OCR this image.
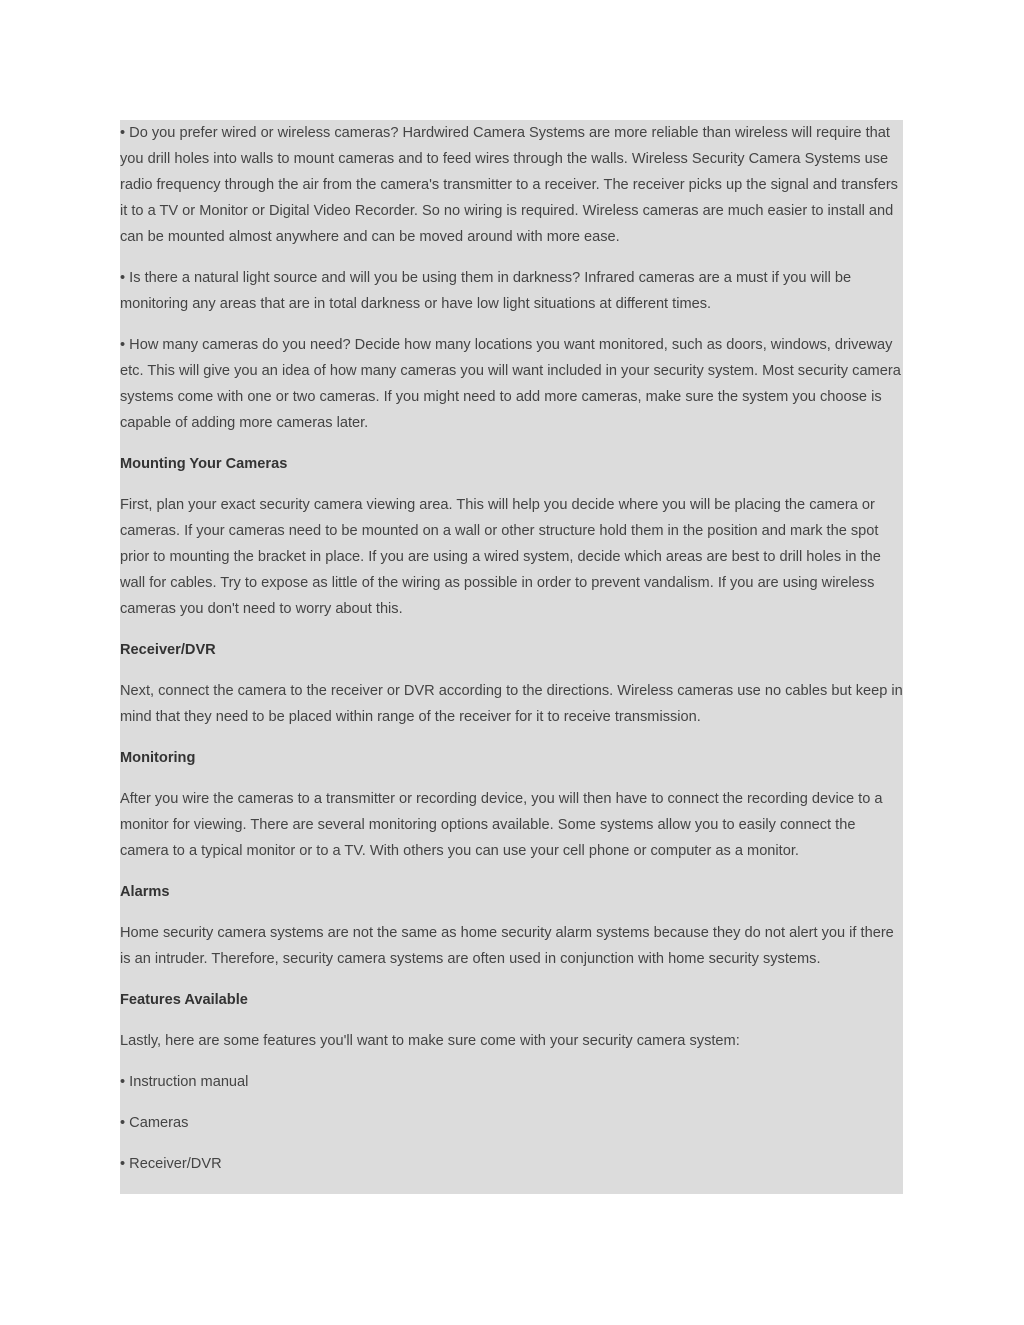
• Do you prefer wired or wireless cameras? Hardwired Camera Systems are more reliable than wireless will require that you drill holes into walls to mount cameras and to feed wires through the walls. Wireless Security Camera Systems use radio frequency through the air from the camera's transmitter to a receiver. The receiver picks up the signal and transfers it to a TV or Monitor or Digital Video Recorder. So no wiring is required. Wireless cameras are much easier to install and can be mounted almost anywhere and can be moved around with more ease.

• Is there a natural light source and will you be using them in darkness? Infrared cameras are a must if you will be monitoring any areas that are in total darkness or have low light situations at different times.

• How many cameras do you need? Decide how many locations you want monitored, such as doors, windows, driveway etc. This will give you an idea of how many cameras you will want included in your security system. Most security camera systems come with one or two cameras. If you might need to add more cameras, make sure the system you choose is capable of adding more cameras later.

Mounting Your Cameras

First, plan your exact security camera viewing area. This will help you decide where you will be placing the camera or cameras. If your cameras need to be mounted on a wall or other structure hold them in the position and mark the spot prior to mounting the bracket in place. If you are using a wired system, decide which areas are best to drill holes in the wall for cables. Try to expose as little of the wiring as possible in order to prevent vandalism. If you are using wireless cameras you don't need to worry about this.

Receiver/DVR

Next, connect the camera to the receiver or DVR according to the directions. Wireless cameras use no cables but keep in mind that they need to be placed within range of the receiver for it to receive transmission.

Monitoring

After you wire the cameras to a transmitter or recording device, you will then have to connect the recording device to a monitor for viewing. There are several monitoring options available. Some systems allow you to easily connect the camera to a typical monitor or to a TV. With others you can use your cell phone or computer as a monitor.

Alarms

Home security camera systems are not the same as home security alarm systems because they do not alert you if there is an intruder. Therefore, security camera systems are often used in conjunction with home security systems.

Features Available

Lastly, here are some features you'll want to make sure come with your security camera system:

• Instruction manual

• Cameras

• Receiver/DVR
